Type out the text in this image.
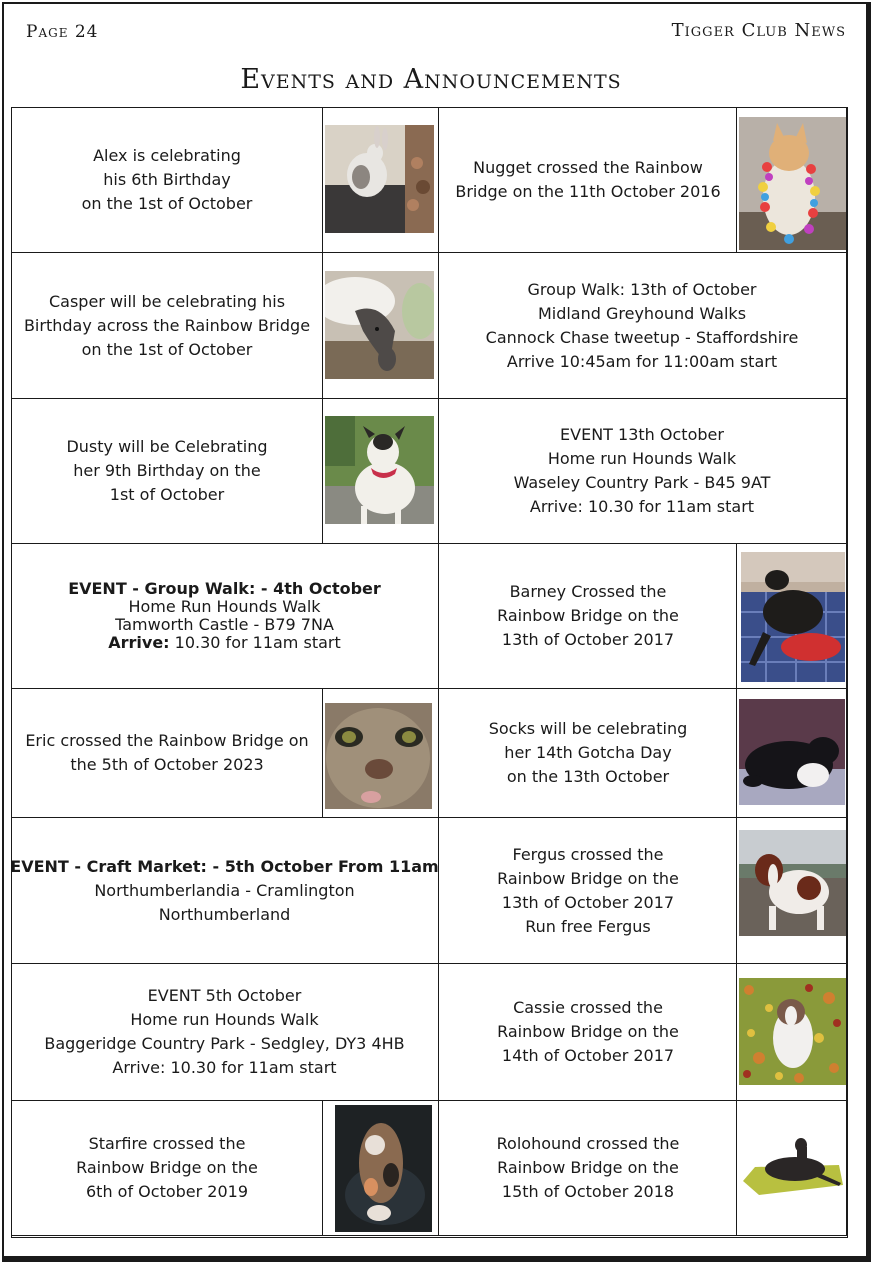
Page 24	Tigger Club News
Events and Announcements
Alex is celebrating
his 6th Birthday
on the 1st of October
Nugget crossed the Rainbow
Bridge on the 11th October 2016
Casper will be celebrating his
Birthday across the Rainbow Bridge
on the 1st of October
Group Walk: 13th of October
Midland Greyhound Walks
Cannock Chase tweetup - Staffordshire
Arrive 10:45am for 11:00am start
Dusty will be Celebrating
her 9th Birthday on the
1st of October
EVENT 13th October
Home run Hounds Walk
Waseley Country Park - B45 9AT
Arrive: 10.30 for 11am start
EVENT - Group Walk: - 4th October
Home Run Hounds Walk
Tamworth Castle - B79 7NA
Arrive: 10.30 for 11am start
Barney Crossed the
Rainbow Bridge on the
13th of October 2017
Eric crossed the Rainbow Bridge on
the 5th of October 2023
Socks will be celebrating
her 14th Gotcha Day
on the 13th October
EVENT - Craft Market: - 5th October From 11am
Northumberlandia - Cramlington
Northumberland
Fergus crossed the
Rainbow Bridge on the
13th of October 2017
Run free Fergus
EVENT 5th October
Home run Hounds Walk
Baggeridge Country Park - Sedgley, DY3 4HB
Arrive: 10.30 for 11am start
Cassie crossed the
Rainbow Bridge on the
14th of October 2017
Starfire crossed the
Rainbow Bridge on the
6th of October 2019
Rolohound crossed the
Rainbow Bridge on the
15th of October 2018
